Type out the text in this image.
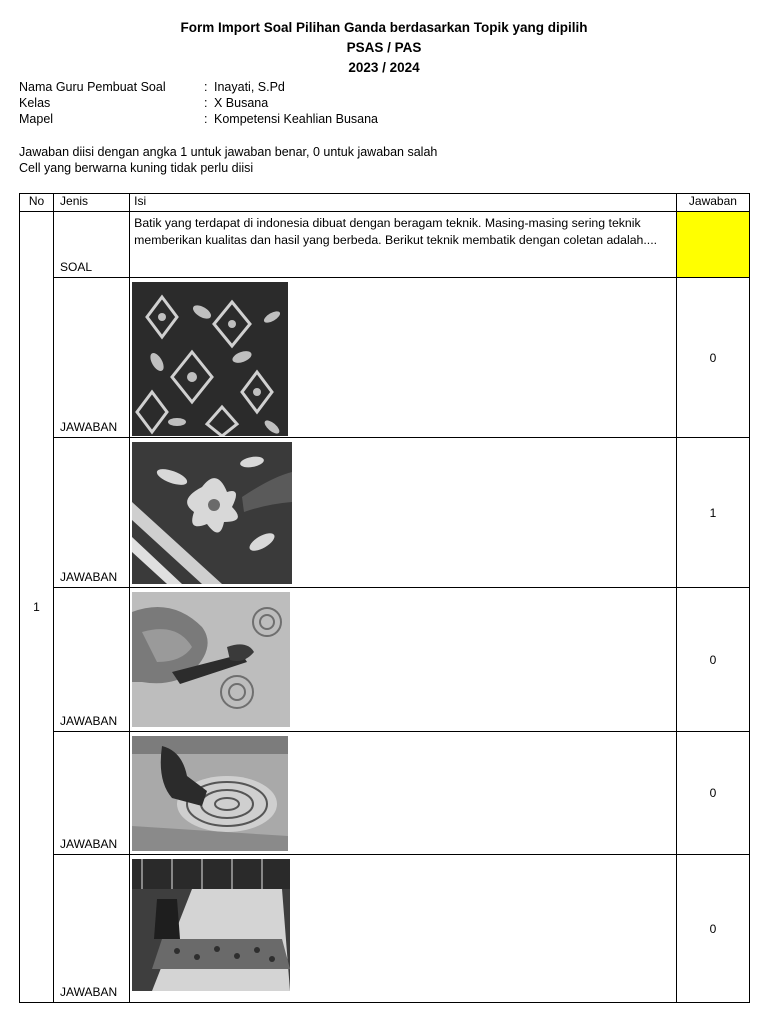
Form Import Soal Pilihan Ganda berdasarkan Topik yang dipilih
PSAS / PAS
2023 / 2024
Nama Guru Pembuat Soal	: Inayati, S.Pd
Kelas	: X Busana
Mapel	: Kompetensi Keahlian Busana
Jawaban diisi dengan angka 1 untuk jawaban benar, 0 untuk jawaban salah
Cell yang berwarna kuning tidak perlu diisi
No	Jenis	Isi	Jawaban
1	SOAL	Batik yang terdapat di indonesia dibuat dengan beragam teknik. Masing-masing sering teknik memberikan kualitas dan hasil yang berbeda. Berikut teknik membatik dengan coletan adalah....	
	JAWABAN		0
	JAWABAN		1
	JAWABAN		0
	JAWABAN		0
	JAWABAN		0
